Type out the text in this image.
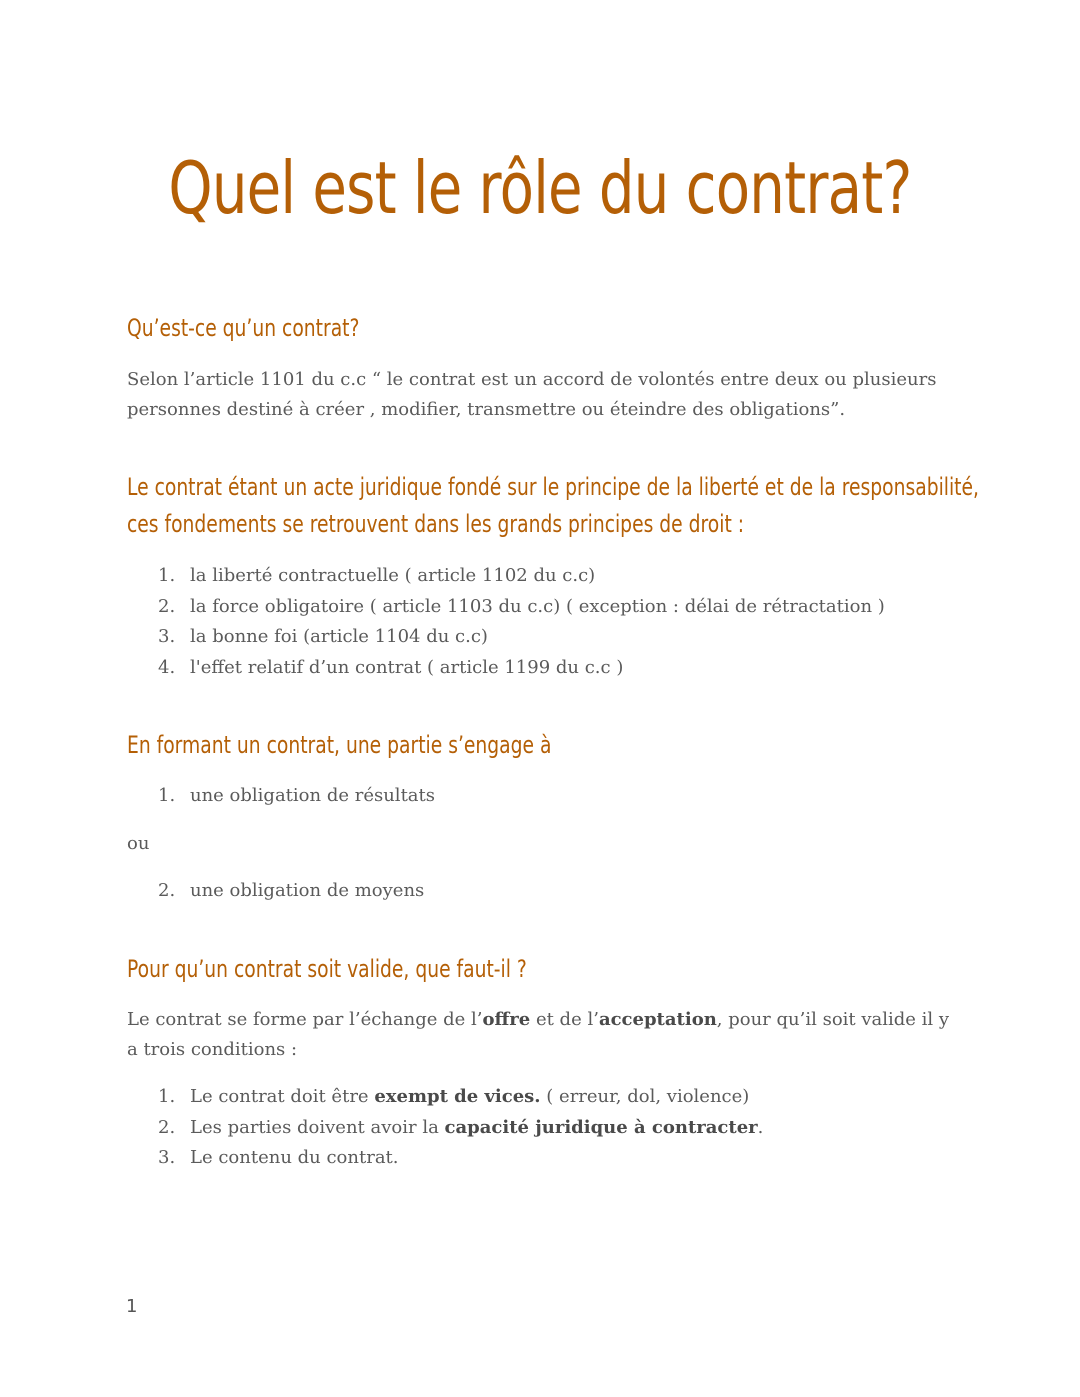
Quel est le rôle du contrat?
Qu’est-ce qu’un contrat?

Selon l’article 1101 du c.c “ le contrat est un accord de volontés entre deux ou plusieurs

personnes destiné à créer , modifier, transmettre ou éteindre des obligations”.

Le contrat étant un acte juridique fondé sur le principe de la liberté et de la responsabilité,
ces fondements se retrouvent dans les grands principes de droit :
1. la liberté contractuelle ( article 1102 du c.c)
2. la force obligatoire ( article 1103 du c.c) ( exception : délai de rétractation )
3. la bonne foi (article 1104 du c.c)
4. l'effet relatif d’un contrat ( article 1199 du c.c )
En formant un contrat, une partie s’engage à
1. une obligation de résultats

ou

2. une obligation de moyens
Pour qu’un contrat soit valide, que faut-il ?

Le contrat se forme par l’échange de l’offre et de l’acceptation, pour qu’il soit valide il y

a trois conditions :

1. Le contrat doit être exempt de vices. ( erreur, dol, violence)
2. Les parties doivent avoir la capacité juridique à contracter.
3. Le contenu du contrat.
1
